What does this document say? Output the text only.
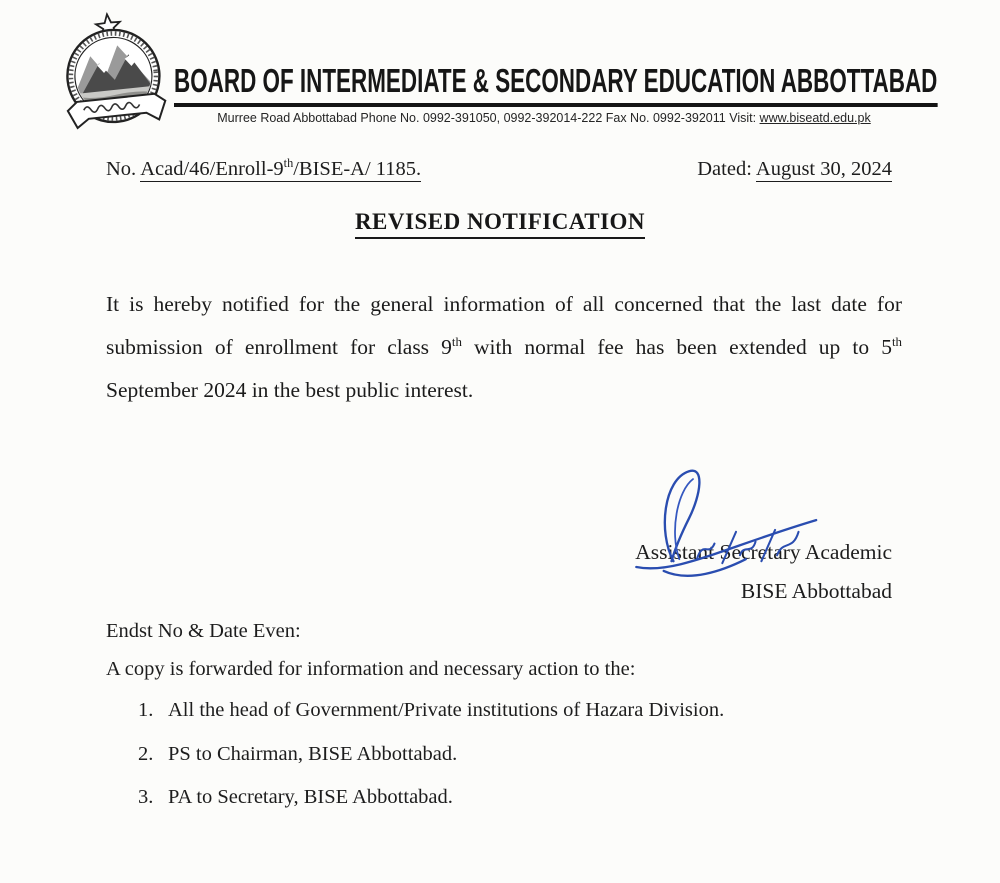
BOARD OF INTERMEDIATE & SECONDARY EDUCATION ABBOTTABAD
Murree Road Abbottabad Phone No. 0992-391050, 0992-392014-222 Fax No. 0992-392011 Visit: www.biseatd.edu.pk
No. Acad/46/Enroll-9th/BISE-A/ 1185.	Dated: August 30, 2024
REVISED NOTIFICATION

It is hereby notified for the general information of all concerned that the last date for submission of enrollment for class 9th with normal fee has been extended up to 5th September 2024 in the best public interest.

Assistant Secretary Academic
BISE Abbottabad
Endst No & Date Even:
A copy is forwarded for information and necessary action to the:
1. All the head of Government/Private institutions of Hazara Division.
2. PS to Chairman, BISE Abbottabad.
3. PA to Secretary, BISE Abbottabad.
